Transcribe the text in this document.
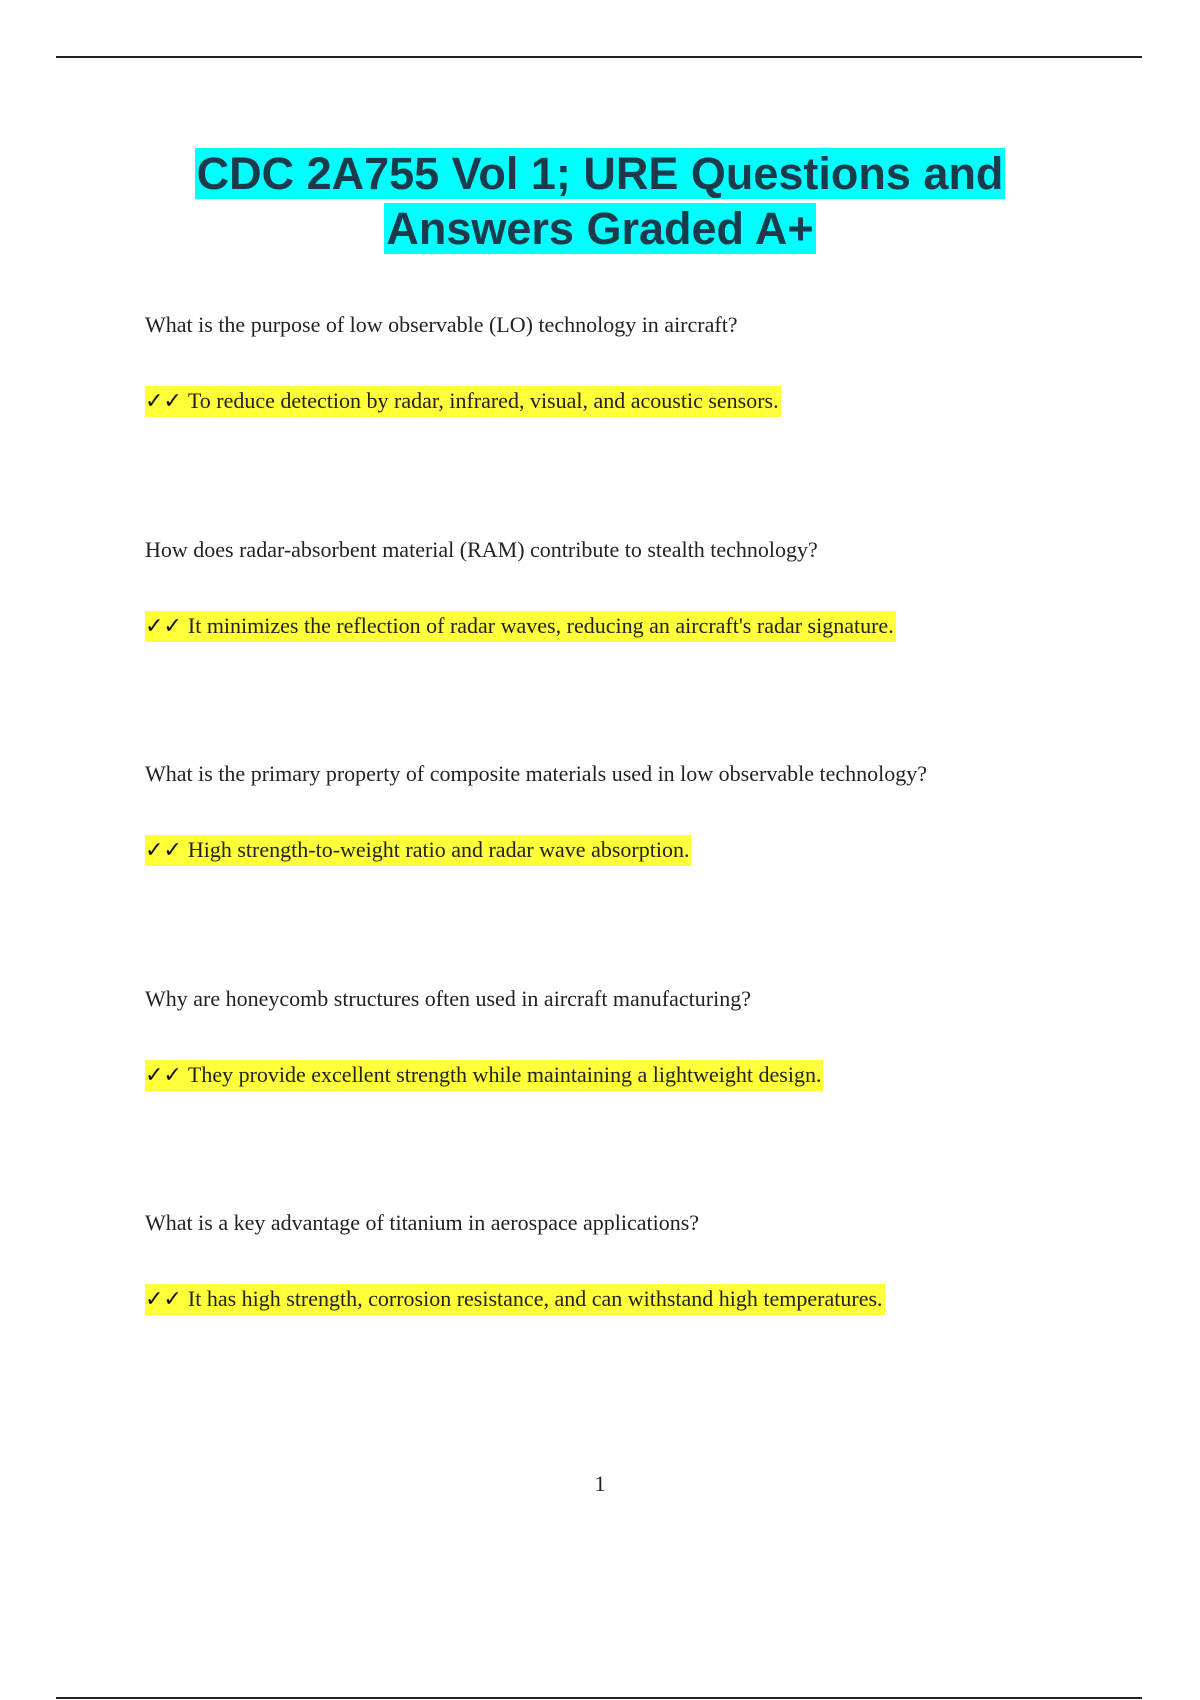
CDC 2A755 Vol 1; URE Questions and
Answers Graded A+
What is the purpose of low observable (LO) technology in aircraft?
✓✓ To reduce detection by radar, infrared, visual, and acoustic sensors.
How does radar-absorbent material (RAM) contribute to stealth technology?
✓✓ It minimizes the reflection of radar waves, reducing an aircraft's radar signature.
What is the primary property of composite materials used in low observable technology?
✓✓ High strength-to-weight ratio and radar wave absorption.
Why are honeycomb structures often used in aircraft manufacturing?
✓✓ They provide excellent strength while maintaining a lightweight design.
What is a key advantage of titanium in aerospace applications?
✓✓ It has high strength, corrosion resistance, and can withstand high temperatures.
1
